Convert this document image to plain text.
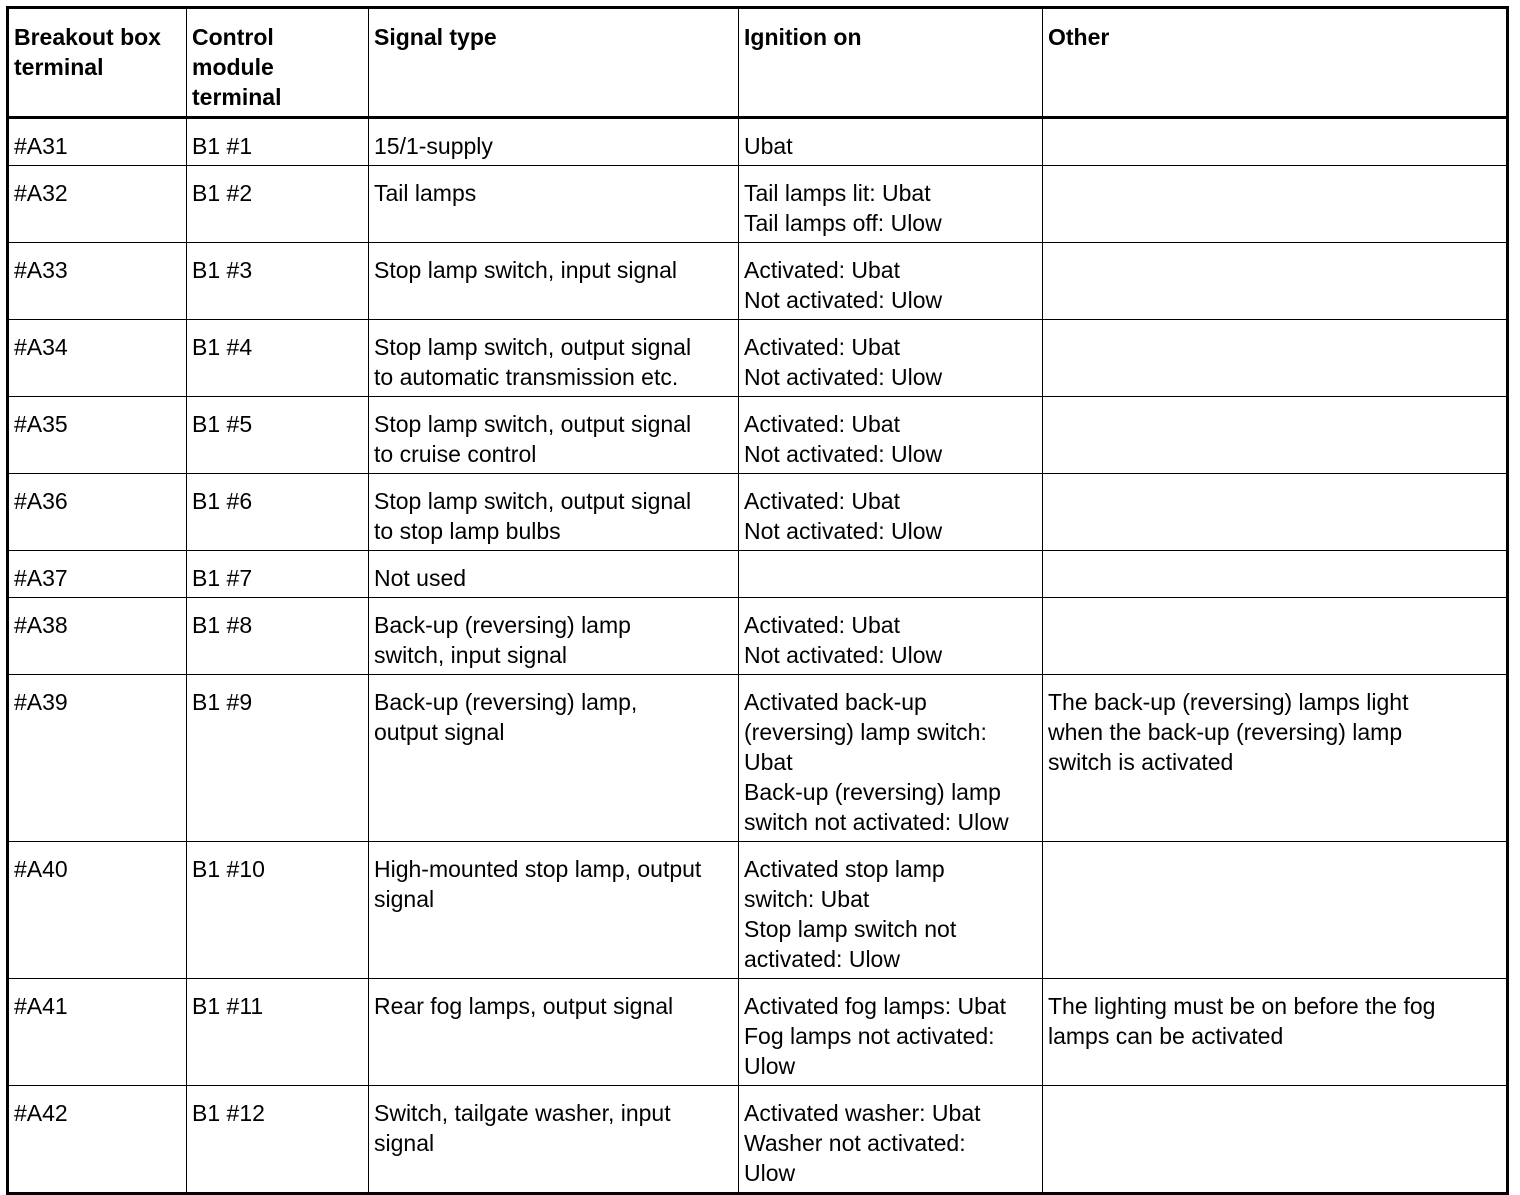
Breakout box
terminal	Control
module
terminal	Signal type	Ignition on	Other
#A31	B1 #1	15/1-supply	Ubat	
#A32	B1 #2	Tail lamps	Tail lamps lit: Ubat
Tail lamps off: Ulow	
#A33	B1 #3	Stop lamp switch, input signal	Activated: Ubat
Not activated: Ulow	
#A34	B1 #4	Stop lamp switch, output signal
to automatic transmission etc.	Activated: Ubat
Not activated: Ulow	
#A35	B1 #5	Stop lamp switch, output signal
to cruise control	Activated: Ubat
Not activated: Ulow	
#A36	B1 #6	Stop lamp switch, output signal
to stop lamp bulbs	Activated: Ubat
Not activated: Ulow	
#A37	B1 #7	Not used		
#A38	B1 #8	Back-up (reversing) lamp
switch, input signal	Activated: Ubat
Not activated: Ulow	
#A39	B1 #9	Back-up (reversing) lamp,
output signal	Activated back-up
(reversing) lamp switch:
Ubat
Back-up (reversing) lamp
switch not activated: Ulow	The back-up (reversing) lamps light
when the back-up (reversing) lamp
switch is activated
#A40	B1 #10	High-mounted stop lamp, output
signal	Activated stop lamp
switch: Ubat
Stop lamp switch not
activated: Ulow	
#A41	B1 #11	Rear fog lamps, output signal	Activated fog lamps: Ubat
Fog lamps not activated:
Ulow	The lighting must be on before the fog
lamps can be activated
#A42	B1 #12	Switch, tailgate washer, input
signal	Activated washer: Ubat
Washer not activated:
Ulow	
